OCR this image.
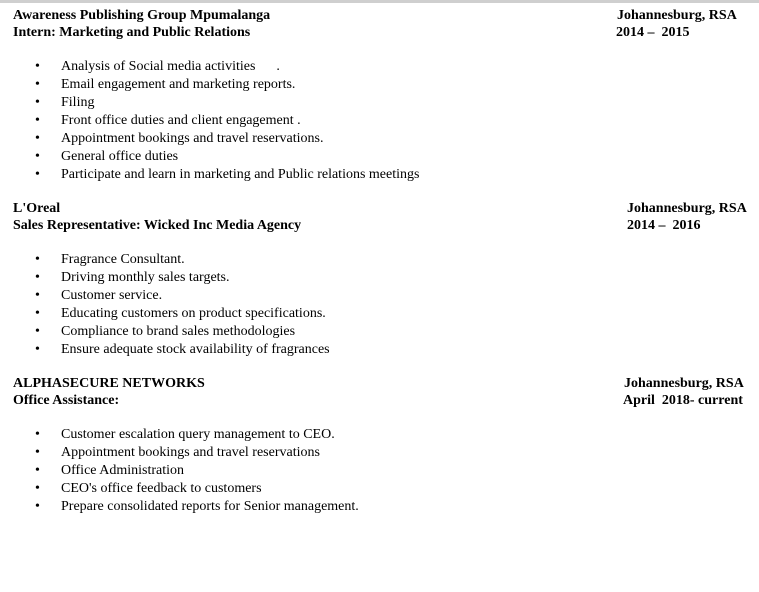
Awareness Publishing Group Mpumalanga
Intern: Marketing and Public Relations
Johannesburg, RSA
2014 –  2015
• Analysis of Social media activities      .
• Email engagement and marketing reports.
• Filing
• Front office duties and client engagement .
• Appointment bookings and travel reservations.
• General office duties
• Participate and learn in marketing and Public relations meetings
L'Oreal
Sales Representative: Wicked Inc Media Agency
Johannesburg, RSA
2014 –  2016
• Fragrance Consultant.
• Driving monthly sales targets.
• Customer service.
• Educating customers on product specifications.
• Compliance to brand sales methodologies
• Ensure adequate stock availability of fragrances
ALPHASECURE NETWORKS
Office Assistance:
Johannesburg, RSA
April  2018- current
• Customer escalation query management to CEO.
• Appointment bookings and travel reservations
• Office Administration
• CEO's office feedback to customers
• Prepare consolidated reports for Senior management.
